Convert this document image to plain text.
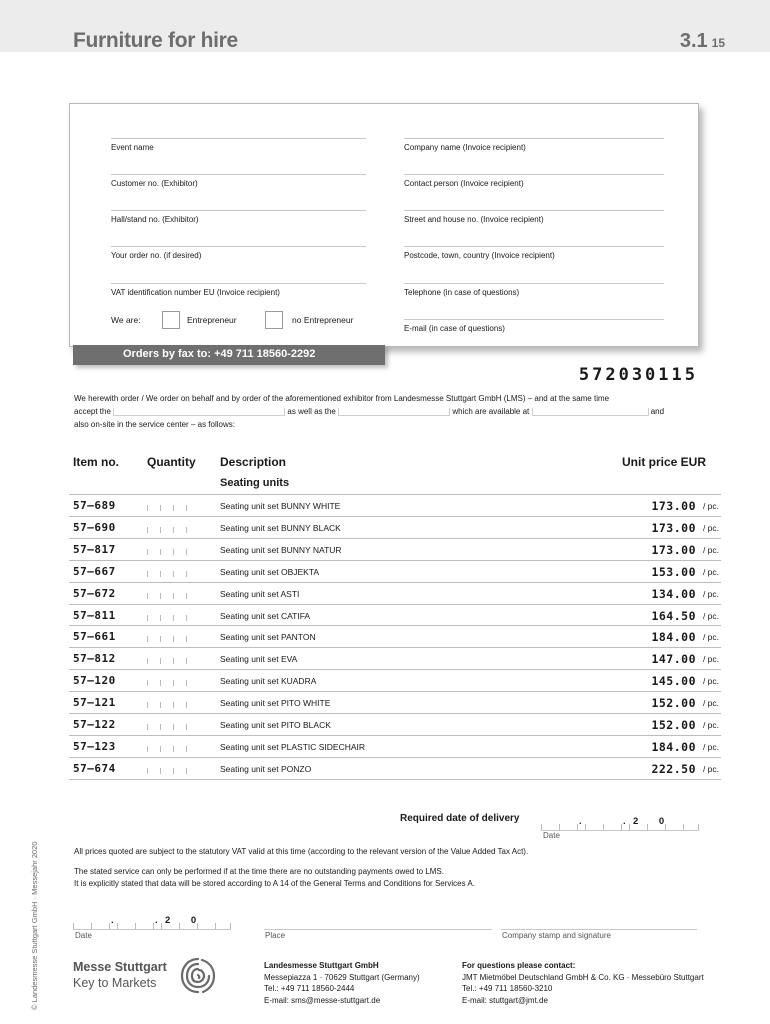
Furniture for hire	3.1 15
Event name
Customer no. (Exhibitor)
Hall/stand no. (Exhibitor)
Your order no. (if desired)
VAT identification number EU (Invoice recipient)
Company name (Invoice recipient)
Contact person (Invoice recipient)
Street and house no. (Invoice recipient)
Postcode, town, country (Invoice recipient)
Telephone (in case of questions)
E-mail (in case of questions)
We are:	Entrepreneur	no Entrepreneur
Orders by fax to: +49 711 18560-2292
572030115
We herewith order / We order on behalf and by order of the aforementioned exhibitor from Landesmesse Stuttgart GmbH (LMS) – and at the same time
accept the	as well as the	which are available at	and
also on-site in the service center – as follows:
Item no. Quantity Description	Unit price EUR
Seating units
57–689	Seating unit set BUNNY WHITE	173.00 / pc.
57–690	Seating unit set BUNNY BLACK	173.00 / pc.
57–817	Seating unit set BUNNY NATUR	173.00 / pc.
57–667	Seating unit set OBJEKTA	153.00 / pc.
57–672	Seating unit set ASTI	134.00 / pc.
57–811	Seating unit set CATIFA	164.50 / pc.
57–661	Seating unit set PANTON	184.00 / pc.
57–812	Seating unit set EVA	147.00 / pc.
57–120	Seating unit set KUADRA	145.00 / pc.
57–121	Seating unit set PITO WHITE	152.00 / pc.
57–122	Seating unit set PITO BLACK	152.00 / pc.
57–123	Seating unit set PLASTIC SIDECHAIR	184.00 / pc.
57–674	Seating unit set PONZO	222.50 / pc.
© Landesmesse Stuttgart GmbH · Messejahr 2020
Required date of delivery	.	. 2 0
Date
All prices quoted are subject to the statutory VAT valid at this time (according to the relevant version of the Value Added Tax Act).
The stated service can only be performed if at the time there are no outstanding payments owed to LMS.
It is explicitly stated that data will be stored according to A 14 of the General Terms and Conditions for Services A.
.	. 2 0
Date	Place	Company stamp and signature
Messe Stuttgart
Key to Markets
Landesmesse Stuttgart GmbH
Messepiazza 1 · 70629 Stuttgart (Germany)
Tel.: +49 711 18560-2444
E-mail: sms@messe-stuttgart.de
For questions please contact:
JMT Mietmöbel Deutschland GmbH & Co. KG · Messebüro Stuttgart
Tel.: +49 711 18560-3210
E-mail: stuttgart@jmt.de
